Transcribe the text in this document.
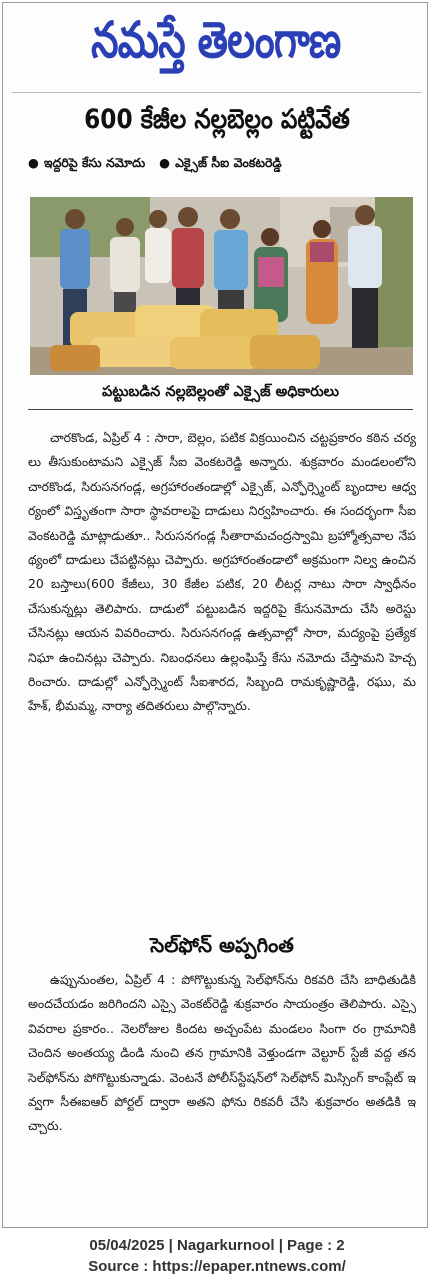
నమస్తే తెలంగాణ
600 కేజీల నల్లబెల్లం పట్టివేత
● ఇద్దరిపై కేసు నమోదు
●	ఎక్సైజ్ సీఐ వెంకటరెడ్డి
పట్టుబడిన నల్లబెల్లంతో ఎక్సైజ్ అధికారులు
చారకొండ, ఏప్రిల్ 4 : సారా, బెల్లం, పటిక విక్రయించిన చట్టప్రకారం కఠిన చర్యలు తీసుకుంటామని ఎక్సైజ్ సీఐ వెంకటరెడ్డి అన్నారు. శుక్రవారం మండలంలోని చారకొండ, సిరుసనగండ్ల, అగ్రహారంతండాల్లో ఎక్సైజ్, ఎన్ఫోర్స్మెంట్ బృందాల ఆధ్వర్యంలో విస్తృతంగా సారా స్థావరాలపై దాడులు నిర్వహించారు. ఈ సందర్భంగా సీఐ వెంకటరెడ్డి మాట్లాడుతూ.. సిరుసనగండ్ల సీతారామచంద్రస్వామి బ్రహ్మోత్సవాల నేపథ్యంలో దాడులు చేపట్టినట్లు చెప్పారు. అగ్రహారంతండాలో అక్రమంగా నిల్వ ఉంచిన 20 బస్తాలు(600 కేజీలు, 30 కేజీల పటిక, 20 లీటర్ల నాటు సారా స్వాధీనం చేసుకున్నట్లు తెలిపారు. దాడులో పట్టుబడిన ఇద్దరిపై కేసునమోదు చేసి అరెస్టు చేసినట్లు ఆయన వివరించారు. సిరుసనగండ్ల ఉత్సవాల్లో సారా, మద్యంపై ప్రత్యేక నిఘా ఉంచినట్లు చెప్పారు. నిబంధనలు ఉల్లంఘిస్తే కేసు నమోదు చేస్తామని హెచ్చరించారు. దాడుల్లో ఎన్ఫోర్స్మెంట్ సీఐశారద, సిబ్బంది రామకృష్ణారెడ్డి, రఘు, మహేశ్, భీమమ్మ, నార్యా తదితరులు పాల్గొన్నారు.
సెల్‌ఫోన్ అప్పగింత
ఉప్పునుంతల, ఏప్రిల్ 4 : పోగొట్టుకున్న సెల్‌ఫోన్‌ను రికవరి చేసి బాధితుడికి అందచేయడం జరిగిందని ఎస్సై వెంకట్‌రెడ్డి శుక్రవారం సాయంత్రం తెలిపారు. ఎస్సై వివరాల ప్రకారం.. నెలరోజుల కిందట అచ్చంపేట మండలం సింగా రం గ్రామానికి చెందిన అంతయ్య డిండి నుంచి తన గ్రామానికి వెళ్తుండగా వెల్టూర్ స్టేజీ వద్ద తన సెల్‌ఫోన్‌ను పోగొట్టుకున్నాడు. వెంటనే పోలీస్‌స్టేషన్‌లో సెల్‌ఫోన్ మిస్సింగ్ కాంప్లేట్ ఇవ్వగా సీఈఐఆర్ పోర్టల్ ద్వారా అతని ఫోను రికవరీ చేసి శుక్రవారం అతడికి ఇచ్చారు.
05/04/2025 | Nagarkurnool | Page : 2
Source : https://epaper.ntnews.com/
